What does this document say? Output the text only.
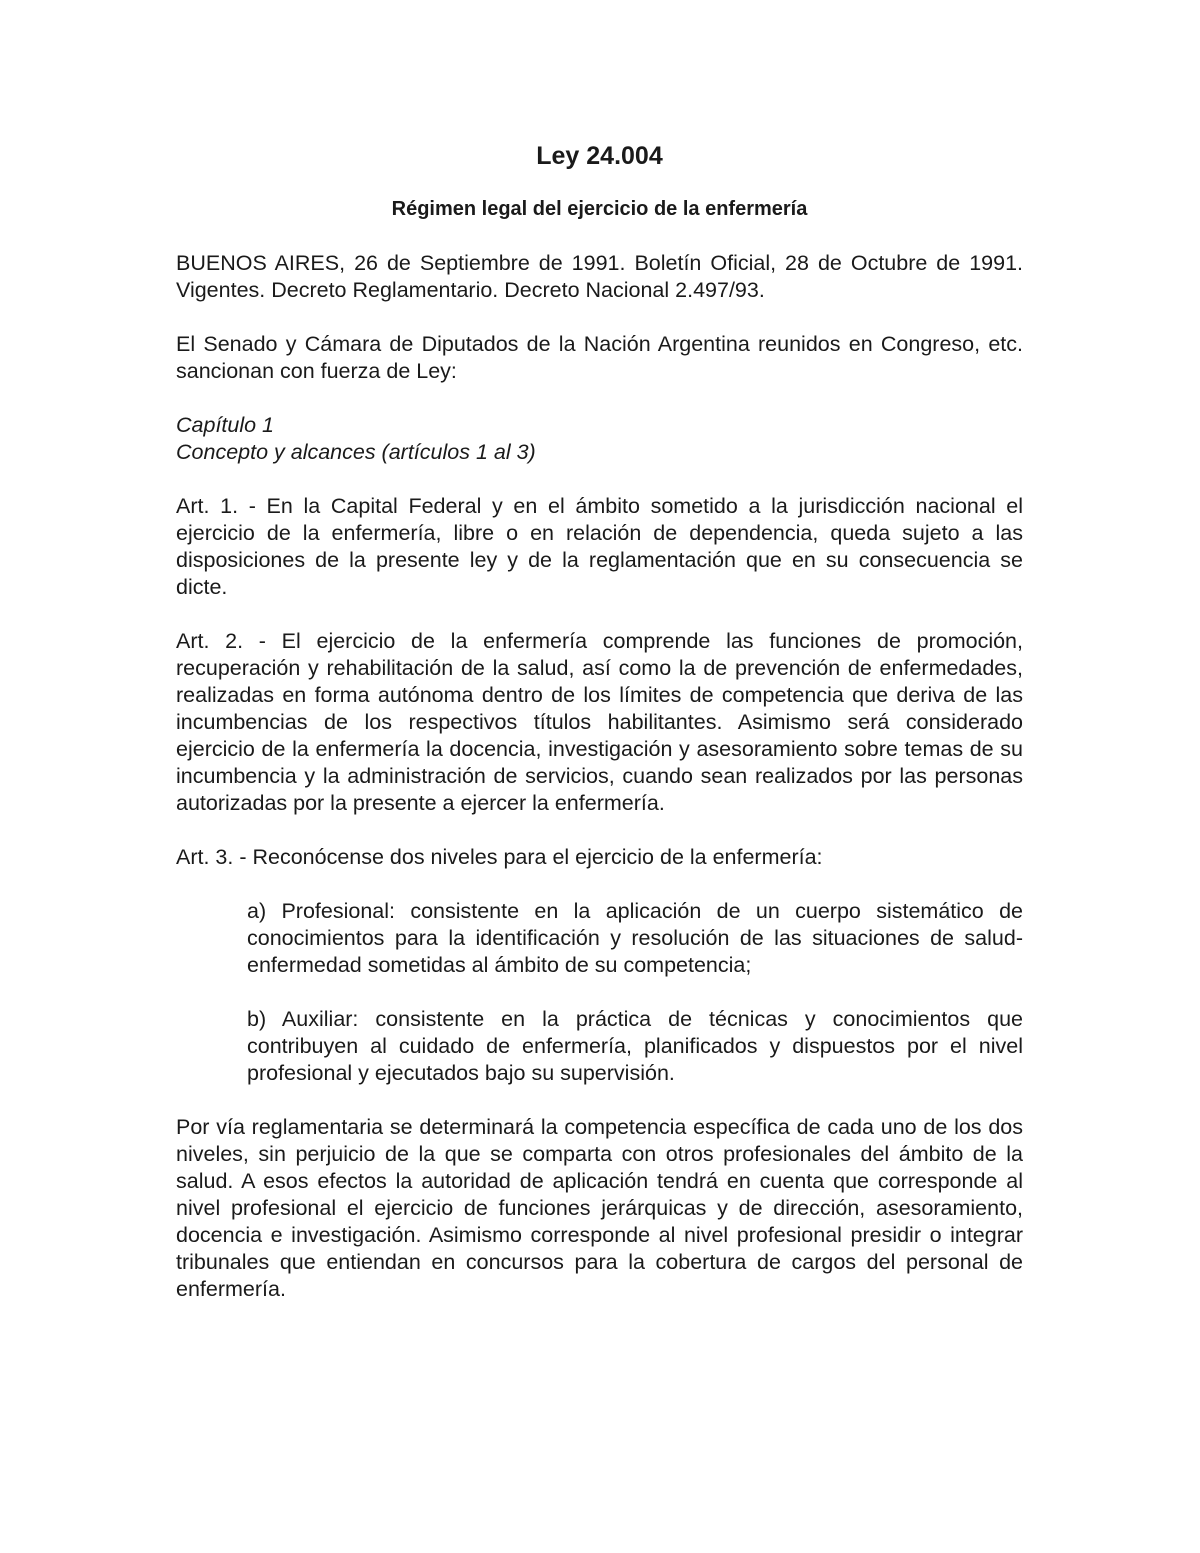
Ley 24.004
Régimen legal del ejercicio de la enfermería

BUENOS AIRES, 26 de Septiembre de 1991. Boletín Oficial, 28 de Octubre de 1991. Vigentes. Decreto Reglamentario. Decreto Nacional 2.497/93.

El Senado y Cámara de Diputados de la Nación Argentina reunidos en Congreso, etc. sancionan con fuerza de Ley:

Capítulo 1
Concepto y alcances (artículos 1 al 3)

Art. 1. - En la Capital Federal y en el ámbito sometido a la jurisdicción nacional el ejercicio de la enfermería, libre o en relación de dependencia, queda sujeto a las disposiciones de la presente ley y de la reglamentación que en su consecuencia se dicte.

Art. 2. - El ejercicio de la enfermería comprende las funciones de promoción, recuperación y rehabilitación de la salud, así como la de prevención de enfermedades, realizadas en forma autónoma dentro de los límites de competencia que deriva de las incumbencias de los respectivos títulos habilitantes. Asimismo será considerado ejercicio de la enfermería la docencia, investigación y asesoramiento sobre temas de su incumbencia y la administración de servicios, cuando sean realizados por las personas autorizadas por la presente a ejercer la enfermería.

Art. 3. - Reconócense dos niveles para el ejercicio de la enfermería:

a) Profesional: consistente en la aplicación de un cuerpo sistemático de conocimientos para la identificación y resolución de las situaciones de salud-enfermedad sometidas al ámbito de su competencia;

b) Auxiliar: consistente en la práctica de técnicas y conocimientos que contribuyen al cuidado de enfermería, planificados y dispuestos por el nivel profesional y ejecutados bajo su supervisión.

Por vía reglamentaria se determinará la competencia específica de cada uno de los dos niveles, sin perjuicio de la que se comparta con otros profesionales del ámbito de la salud. A esos efectos la autoridad de aplicación tendrá en cuenta que corresponde al nivel profesional el ejercicio de funciones jerárquicas y de dirección, asesoramiento, docencia e investigación. Asimismo corresponde al nivel profesional presidir o integrar tribunales que entiendan en concursos para la cobertura de cargos del personal de enfermería.
